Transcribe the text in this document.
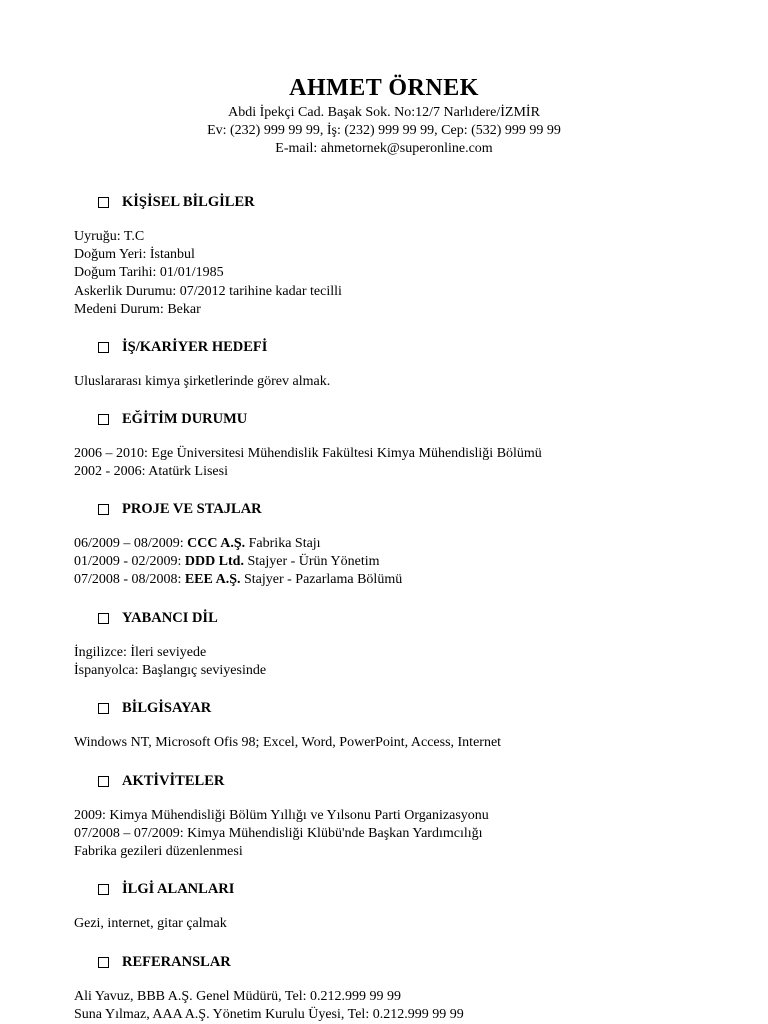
AHMET ÖRNEK
Abdi İpekçi Cad. Başak Sok. No:12/7 Narlıdere/İZMİR
Ev: (232) 999 99 99, İş: (232) 999 99 99, Cep: (532) 999 99 99
E-mail: ahmetornek@superonline.com
KİŞİSEL BİLGİLER
Uyruğu: T.C
Doğum Yeri: İstanbul
Doğum Tarihi: 01/01/1985
Askerlik Durumu: 07/2012 tarihine kadar tecilli
Medeni Durum: Bekar
İŞ/KARİYER HEDEFİ
Uluslararası kimya şirketlerinde görev almak.
EĞİTİM DURUMU
2006 – 2010: Ege Üniversitesi Mühendislik Fakültesi Kimya Mühendisliği Bölümü
2002 - 2006: Atatürk Lisesi
PROJE VE STAJLAR
06/2009 – 08/2009: CCC A.Ş. Fabrika Stajı
01/2009 - 02/2009: DDD Ltd. Stajyer - Ürün Yönetim
07/2008 - 08/2008: EEE A.Ş. Stajyer - Pazarlama Bölümü
YABANCI DİL
İngilizce: İleri seviyede
İspanyolca: Başlangıç seviyesinde
BİLGİSAYAR
Windows NT, Microsoft Ofis 98; Excel, Word, PowerPoint, Access, Internet
AKTİVİTELER
2009: Kimya Mühendisliği Bölüm Yıllığı ve Yılsonu Parti Organizasyonu
07/2008 – 07/2009: Kimya Mühendisliği Klübü'nde Başkan Yardımcılığı
Fabrika gezileri düzenlenmesi
İLGİ ALANLARI
Gezi, internet, gitar çalmak
REFERANSLAR
Ali Yavuz, BBB A.Ş. Genel Müdürü, Tel: 0.212.999 99 99
Suna Yılmaz, AAA A.Ş. Yönetim Kurulu Üyesi, Tel: 0.212.999 99 99
